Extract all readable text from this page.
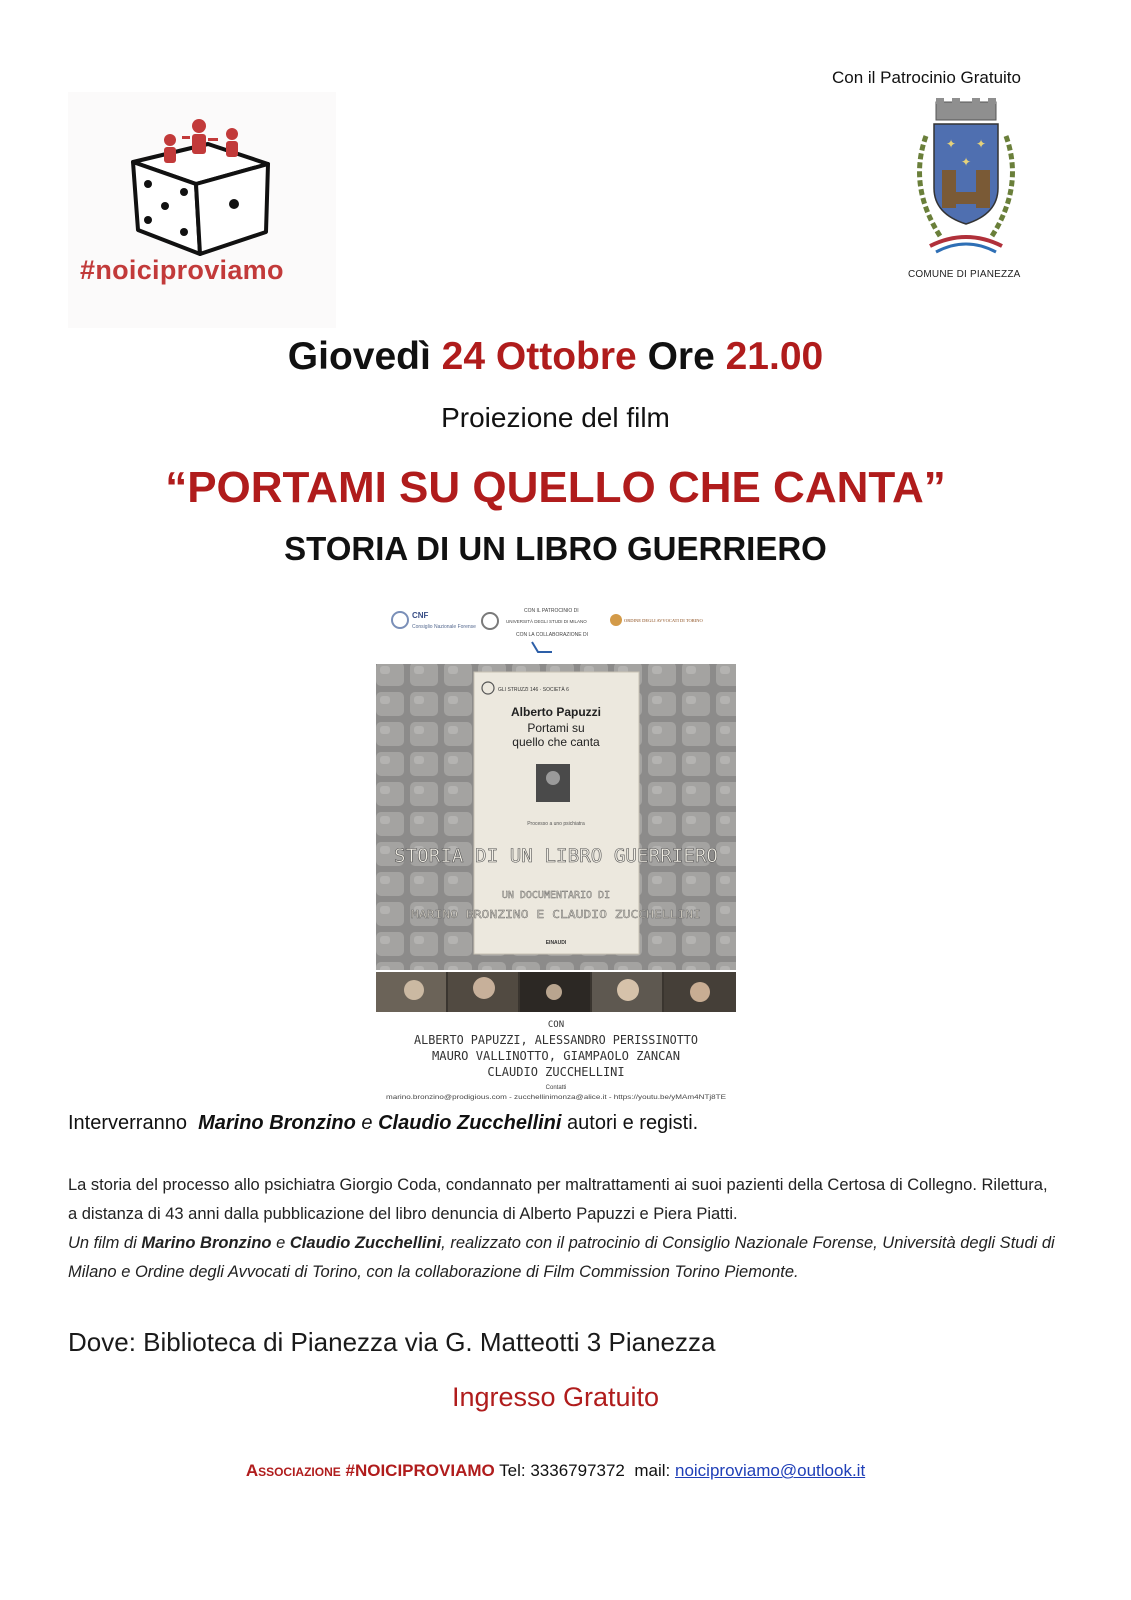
#noiciproviamo
Con il Patrocinio Gratuito
✦ ✦
✦
COMUNE DI PIANEZZA
Giovedì 24 Ottobre Ore 21.00
Proiezione del film
“PORTAMI SU QUELLO CHE CANTA”
STORIA DI UN LIBRO GUERRIERO
CNF
Consiglio Nazionale Forense
CON IL PATROCINIO DI
UNIVERSITÀ DEGLI STUDI DI MILANO	ORDINE DEGLI AVVOCATI DI TORINO
CON LA COLLABORAZIONE DI
GLI STRUZZI 146 · SOCIETÀ 6
Alberto Papuzzi
Portami su
quello che canta
Processo a uno psichiatra
STORIA DI UN LIBRO GUERRIERO
UN DOCUMENTARIO DI
MARINO BRONZINO E CLAUDIO ZUCCHELLINI
EINAUDI
CON
ALBERTO PAPUZZI, ALESSANDRO PERISSINOTTO
MAURO VALLINOTTO, GIAMPAOLO ZANCAN
CLAUDIO ZUCCHELLINI
Contatti
marino.bronzino@prodigious.com - zucchellinimonza@alice.it - https://youtu.be/yMAm4NTj8TE
Interverranno Marino Bronzino e Claudio Zucchellini autori e registi.
La storia del processo allo psichiatra Giorgio Coda, condannato per maltrattamenti ai suoi pazienti della Certosa di Collegno. Rilettura, a distanza di 43 anni dalla pubblicazione del libro denuncia di Alberto Papuzzi e Piera Piatti.
Un film di Marino Bronzino e Claudio Zucchellini, realizzato con il patrocinio di Consiglio Nazionale Forense, Università degli Studi di Milano e Ordine degli Avvocati di Torino, con la collaborazione di Film Commission Torino Piemonte.
Dove: Biblioteca di Pianezza via G. Matteotti 3 Pianezza
Ingresso Gratuito
Associazione #NOICIPROVIAMO Tel: 3336797372 mail: noiciproviamo@outlook.it
